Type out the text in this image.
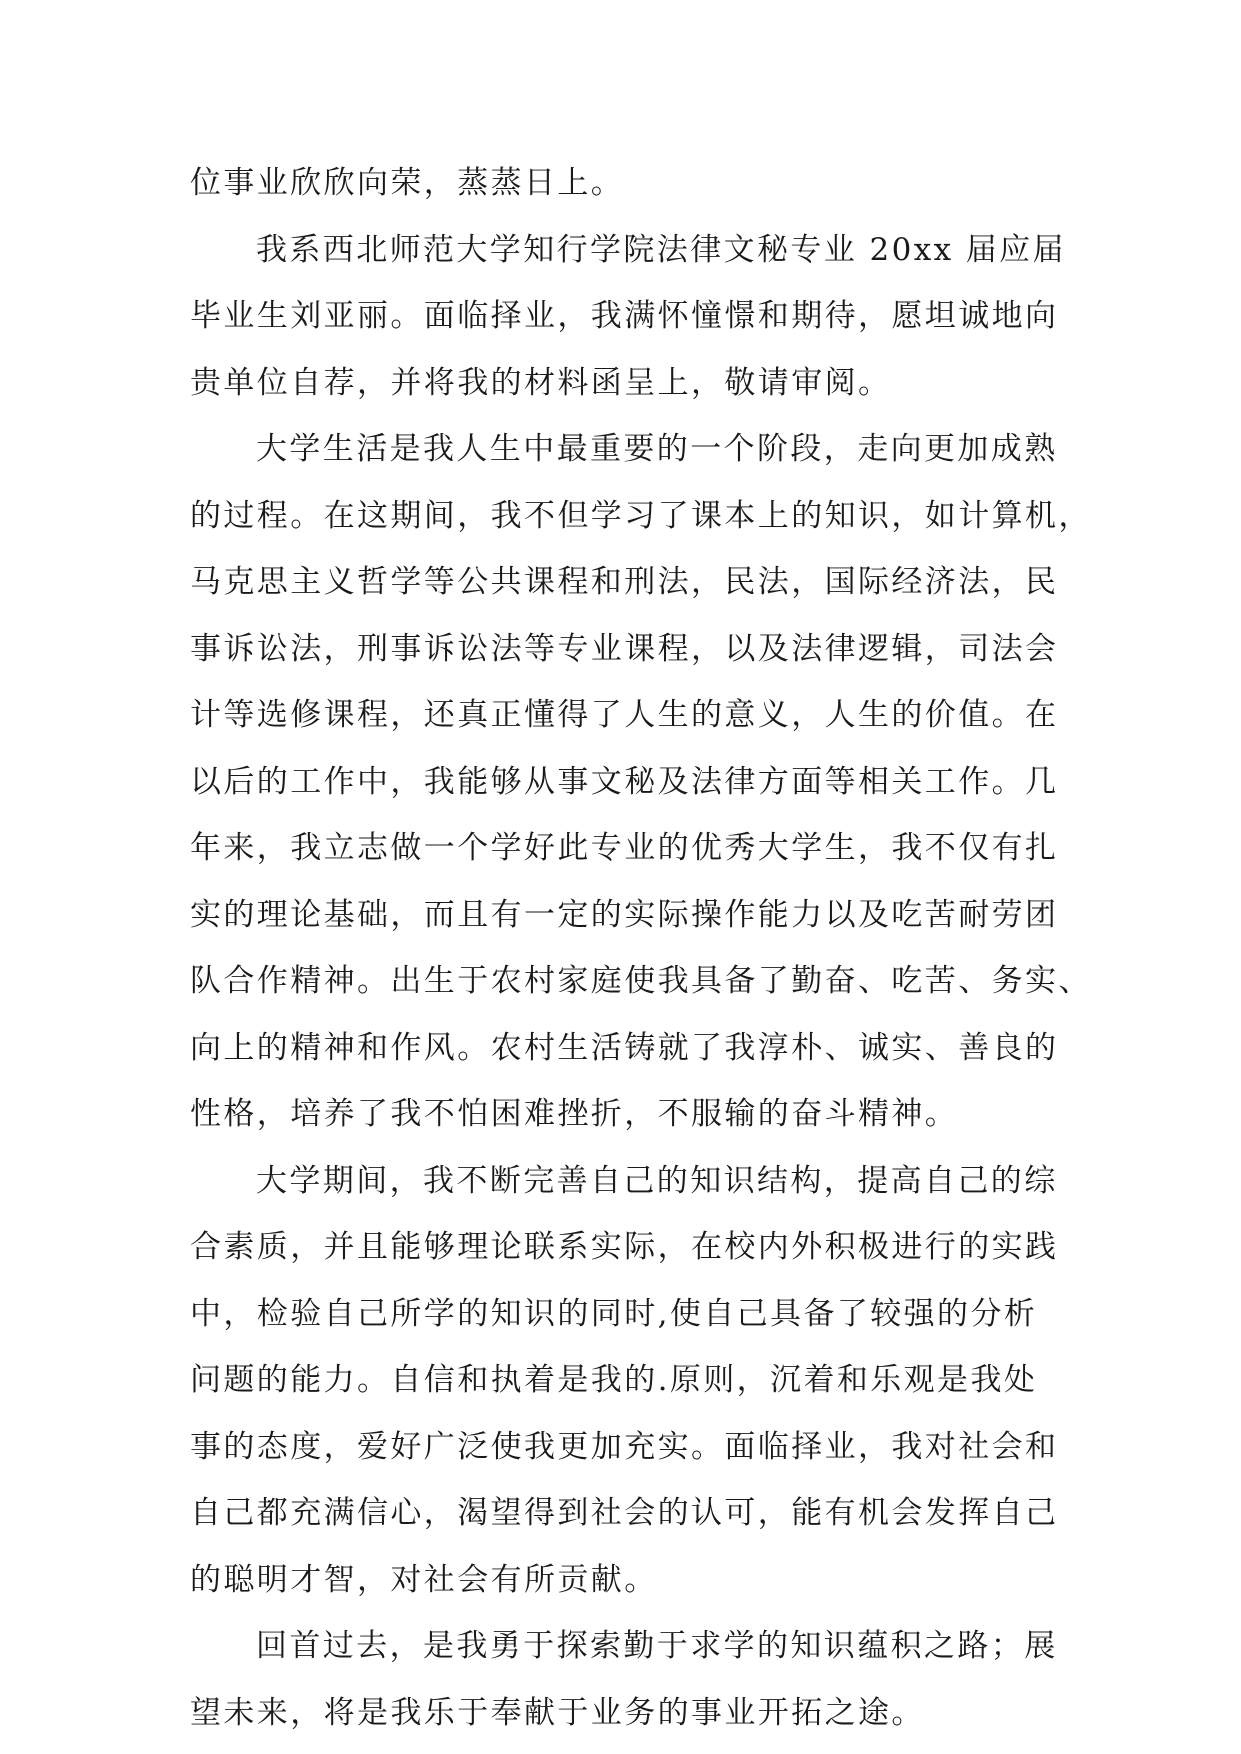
位事业欣欣向荣，蒸蒸日上。
我系西北师范大学知行学院法律文秘专业 20xx 届应届
毕业生刘亚丽。面临择业，我满怀憧憬和期待，愿坦诚地向
贵单位自荐，并将我的材料函呈上，敬请审阅。
大学生活是我人生中最重要的一个阶段，走向更加成熟
的过程。在这期间，我不但学习了课本上的知识，如计算机，
马克思主义哲学等公共课程和刑法，民法，国际经济法，民
事诉讼法，刑事诉讼法等专业课程，以及法律逻辑，司法会
计等选修课程，还真正懂得了人生的意义，人生的价值。在
以后的工作中，我能够从事文秘及法律方面等相关工作。几
年来，我立志做一个学好此专业的优秀大学生，我不仅有扎
实的理论基础，而且有一定的实际操作能力以及吃苦耐劳团
队合作精神。出生于农村家庭使我具备了勤奋、吃苦、务实、
向上的精神和作风。农村生活铸就了我淳朴、诚实、善良的
性格，培养了我不怕困难挫折，不服输的奋斗精神。
大学期间，我不断完善自己的知识结构，提高自己的综
合素质，并且能够理论联系实际，在校内外积极进行的实践
中，检验自己所学的知识的同时,使自己具备了较强的分析
问题的能力。自信和执着是我的.原则，沉着和乐观是我处
事的态度，爱好广泛使我更加充实。面临择业，我对社会和
自己都充满信心，渴望得到社会的认可，能有机会发挥自己
的聪明才智，对社会有所贡献。
回首过去，是我勇于探索勤于求学的知识蕴积之路；展
望未来，将是我乐于奉献于业务的事业开拓之途。
